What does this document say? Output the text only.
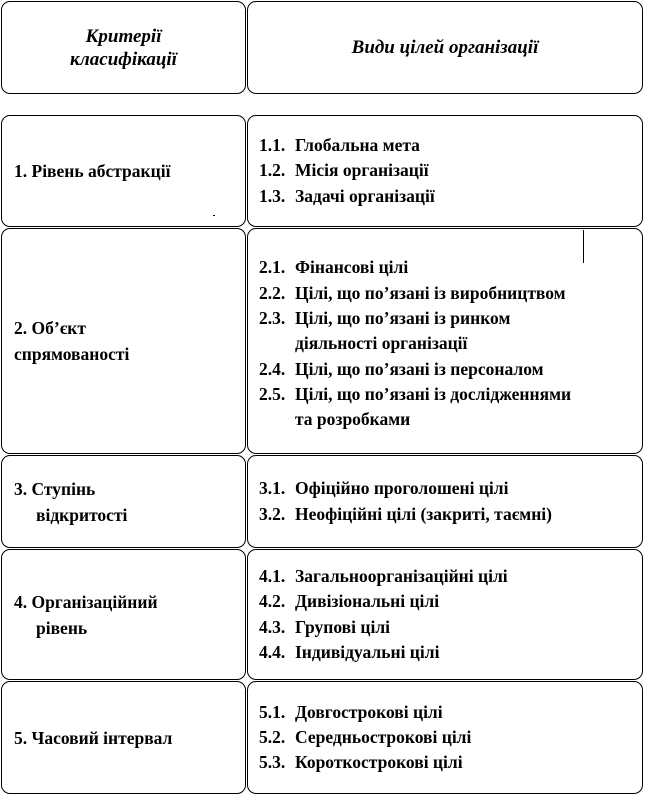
Критерії
класифікації
Види цілей організації
1. Рівень абстракції
1.1. Глобальна мета
1.2. Місія організації
1.3. Задачі організації
2. Об’єкт
спрямованості
2.1. Фінансові цілі
2.2. Цілі, що по’язані із виробництвом
2.3. Цілі, що по’язані із ринком
діяльності організації
2.4. Цілі, що по’язані із персоналом
2.5. Цілі, що по’язані із дослідженнями
та розробками
3. Ступінь
відкритості
3.1. Офіційно проголошені цілі
3.2. Неофіційні цілі (закриті, таємні)
4. Організаційний
рівень
4.1. Загальноорганізаційні цілі
4.2. Дивізіональні цілі
4.3. Групові цілі
4.4. Індивідуальні цілі
5. Часовий інтервал
5.1. Довгострокові цілі
5.2. Середньострокові цілі
5.3. Короткострокові цілі
